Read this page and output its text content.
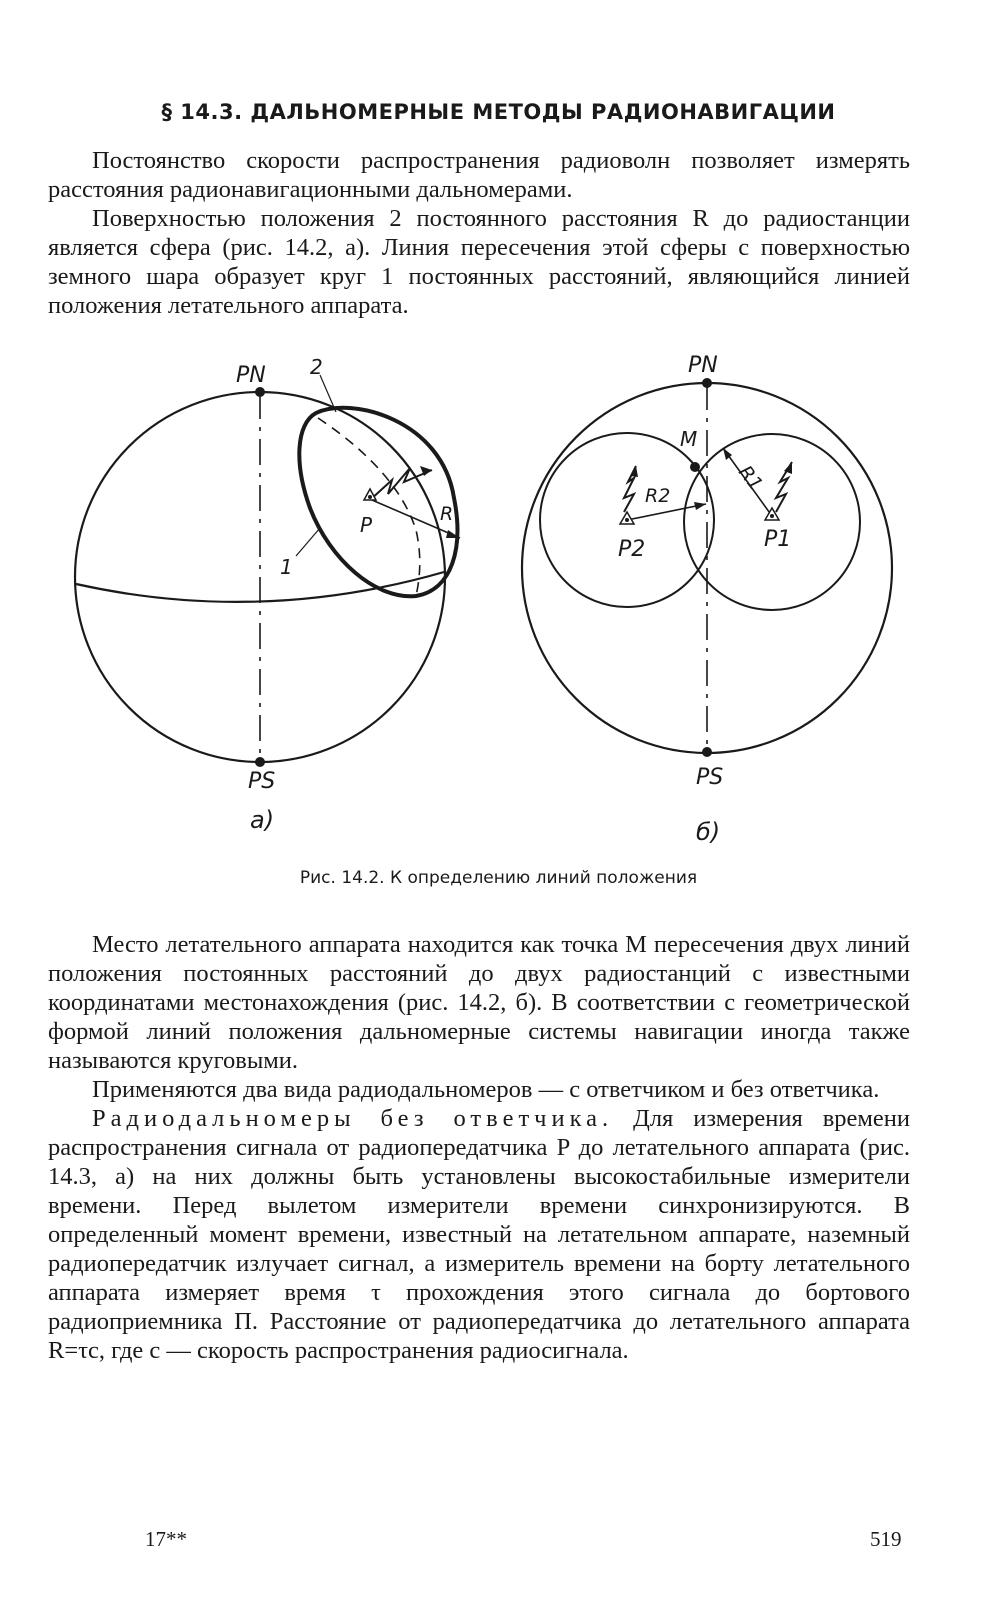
§ 14.3. ДАЛЬНОМЕРНЫЕ МЕТОДЫ РАДИОНАВИГАЦИИ

Постоянство скорости распространения радиоволн позволяет измерять расстояния радионавигационными дальномерами.

Поверхностью положения 2 постоянного расстояния R до радиостанции является сфера (рис. 14.2, а). Линия пересечения этой сферы с поверхностью земного шара образует круг 1 постоянных расстояний, являющийся линией положения летательного аппарата.

PN 2
P	R
1
PS
а)
PN
M
R2
R1
P2	P1
PS
б)
Рис. 14.2. К определению линий положения

Место летательного аппарата находится как точка M пересечения двух линий положения постоянных расстояний до двух радиостанций с известными координатами местонахождения (рис. 14.2, б). В соответствии с геометрической формой линий положения дальномерные системы навигации иногда также называются круговыми.

Применяются два вида радиодальномеров — с ответчиком и без ответчика.

Радиодальномеры без ответчика. Для измерения времени распространения сигнала от радиопередатчика P до летательного аппарата (рис. 14.3, а) на них должны быть установлены высокостабильные измерители времени. Перед вылетом измерители времени синхронизируются. В определенный момент времени, известный на летательном аппарате, наземный радиопередатчик излучает сигнал, а измеритель времени на борту летательного аппарата измеряет время τ прохождения этого сигнала до бортового радиоприемника П. Расстояние от радиопередатчика до летательного аппарата R=τc, где c — скорость распространения радиосигнала.

17**	519
